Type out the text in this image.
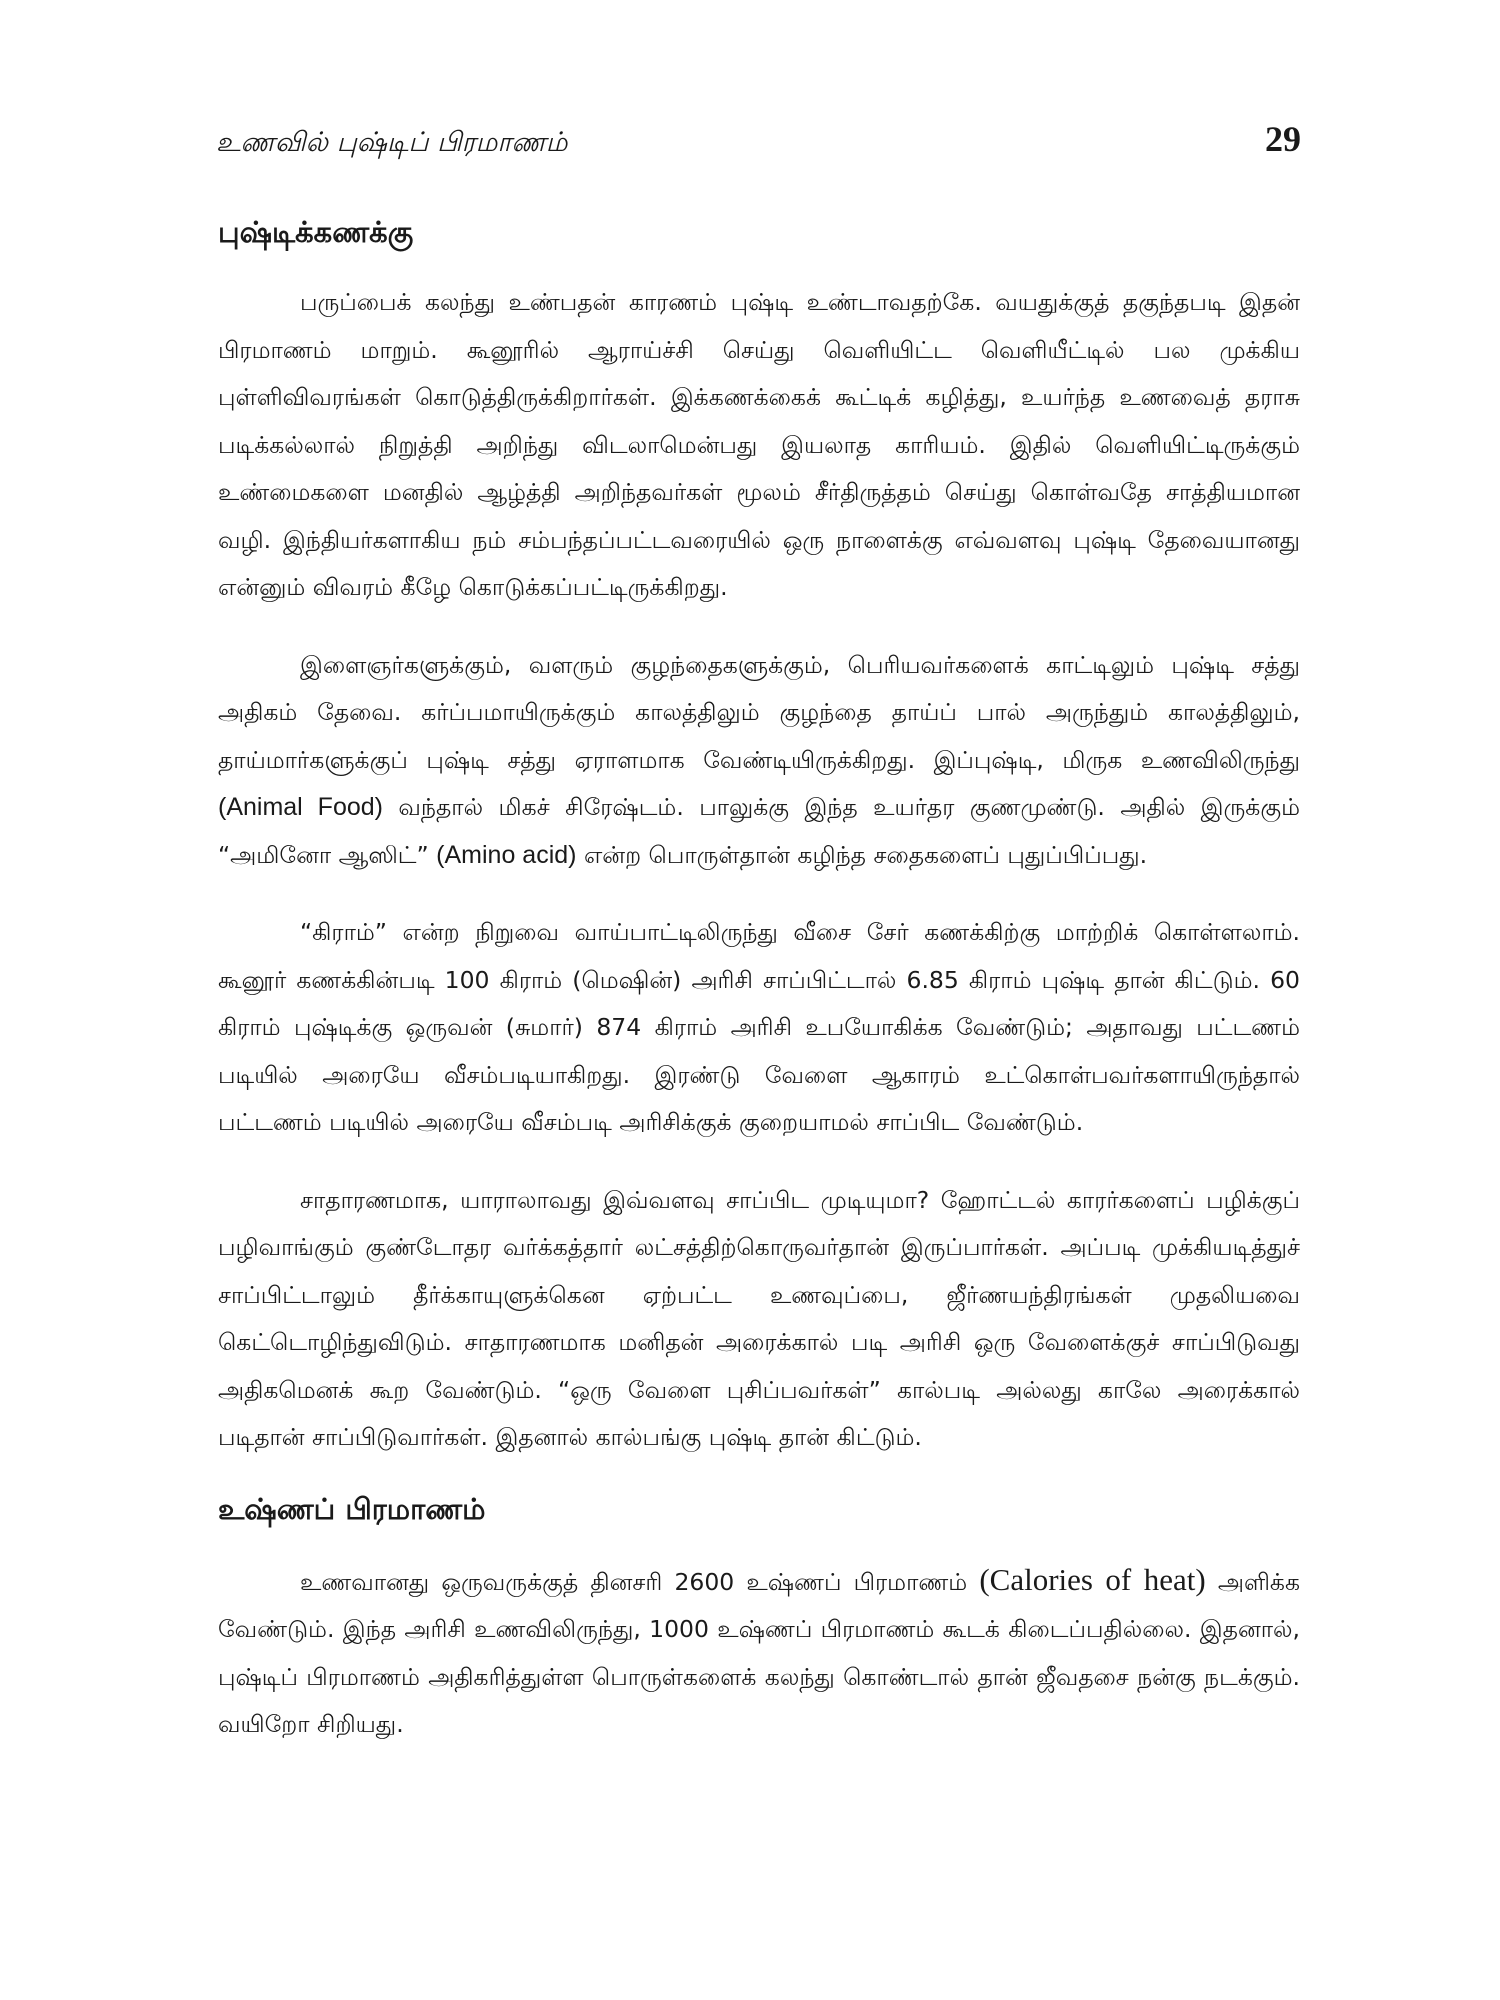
உணவில் புஷ்டிப் பிரமாணம்	29
புஷ்டிக்கணக்கு

பருப்பைக் கலந்து உண்பதன் காரணம் புஷ்டி உண்டாவதற்கே. வயதுக்குத் தகுந்தபடி இதன் பிரமாணம் மாறும். கூனூரில் ஆராய்ச்சி செய்து வெளியிட்ட வெளியீட்டில் பல முக்கிய புள்ளிவிவரங்கள் கொடுத்திருக்கிறார்கள். இக்கணக்கைக் கூட்டிக் கழித்து, உயர்ந்த உணவைத் தராசு படிக்கல்லால் நிறுத்தி அறிந்து விடலாமென்பது இயலாத காரியம். இதில் வெளியிட்டிருக்கும் உண்மைகளை மனதில் ஆழ்த்தி அறிந்தவர்கள் மூலம் சீர்திருத்தம் செய்து கொள்வதே சாத்தியமான வழி. இந்தியர்களாகிய நம் சம்பந்தப்பட்டவரையில் ஒரு நாளைக்கு எவ்வளவு புஷ்டி தேவையானது என்னும் விவரம் கீழே கொடுக்கப்பட்டிருக்கிறது.

இளைஞர்களுக்கும், வளரும் குழந்தைகளுக்கும், பெரியவர்களைக் காட்டிலும் புஷ்டி சத்து அதிகம் தேவை. கர்ப்பமாயிருக்கும் காலத்திலும் குழந்தை தாய்ப் பால் அருந்தும் காலத்திலும், தாய்மார்களுக்குப் புஷ்டி சத்து ஏராளமாக வேண்டியிருக்கிறது. இப்புஷ்டி, மிருக உணவிலிருந்து (Animal Food) வந்தால் மிகச் சிரேஷ்டம். பாலுக்கு இந்த உயர்தர குணமுண்டு. அதில் இருக்கும் “அமினோ ஆஸிட்” (Amino acid) என்ற பொருள்தான் கழிந்த சதைகளைப் புதுப்பிப்பது.

“கிராம்” என்ற நிறுவை வாய்பாட்டிலிருந்து வீசை சேர் கணக்கிற்கு மாற்றிக் கொள்ளலாம். கூனூர் கணக்கின்படி 100 கிராம் (மெஷின்) அரிசி சாப்பிட்டால் 6.85 கிராம் புஷ்டி தான் கிட்டும். 60 கிராம் புஷ்டிக்கு ஒருவன் (சுமார்) 874 கிராம் அரிசி உபயோகிக்க வேண்டும்; அதாவது பட்டணம் படியில் அரையே வீசம்படியாகிறது. இரண்டு வேளை ஆகாரம் உட்கொள்பவர்களாயிருந்தால் பட்டணம் படியில் அரையே வீசம்படி அரிசிக்குக் குறையாமல் சாப்பிட வேண்டும்.

சாதாரணமாக, யாராலாவது இவ்வளவு சாப்பிட முடியுமா? ஹோட்டல் காரர்களைப் பழிக்குப் பழிவாங்கும் குண்டோதர வர்க்கத்தார் லட்சத்திற்கொருவர்தான் இருப்பார்கள். அப்படி முக்கியடித்துச் சாப்பிட்டாலும் தீர்க்காயுளுக்கென ஏற்பட்ட உணவுப்பை, ஜீர்ணயந்திரங்கள் முதலியவை கெட்டொழிந்துவிடும். சாதாரணமாக மனிதன் அரைக்கால் படி அரிசி ஒரு வேளைக்குச் சாப்பிடுவது அதிகமெனக் கூற வேண்டும். “ஒரு வேளை புசிப்பவர்கள்” கால்படி அல்லது காலே அரைக்கால் படிதான் சாப்பிடுவார்கள். இதனால் கால்பங்கு புஷ்டி தான் கிட்டும்.

உஷ்ணப் பிரமாணம்

உணவானது ஒருவருக்குத் தினசரி 2600 உஷ்ணப் பிரமாணம் (Calories of heat) அளிக்க வேண்டும். இந்த அரிசி உணவிலிருந்து, 1000 உஷ்ணப் பிரமாணம் கூடக் கிடைப்பதில்லை. இதனால், புஷ்டிப் பிரமாணம் அதிகரித்துள்ள பொருள்களைக் கலந்து கொண்டால் தான் ஜீவதசை நன்கு நடக்கும். வயிறோ சிறியது.
